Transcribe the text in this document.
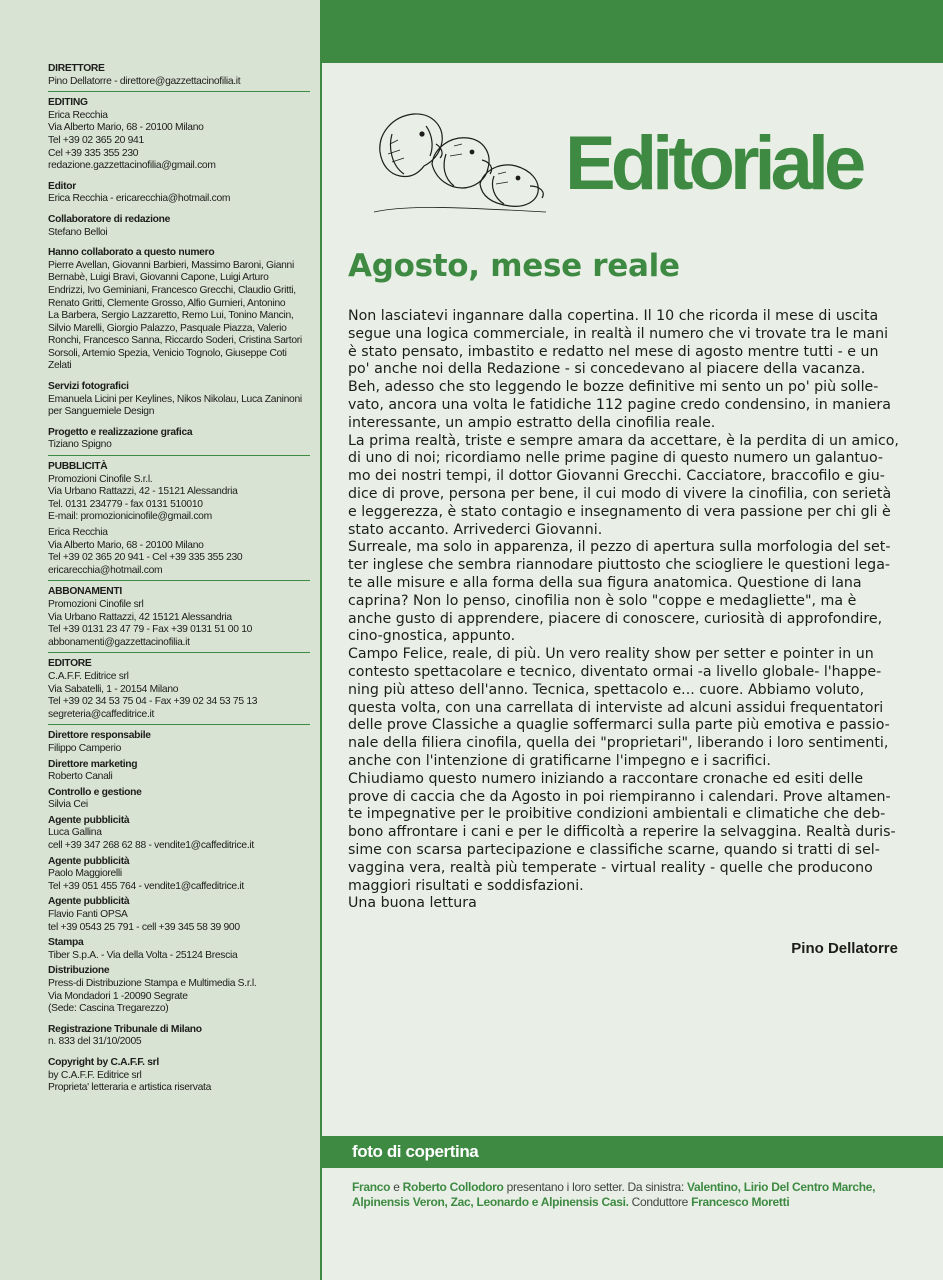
DIRETTORE
Pino Dellatorre - direttore@gazzettacinofilia.it
EDITING
Erica Recchia
Via Alberto Mario, 68 - 20100 Milano
Tel +39 02 365 20 941
Cel +39 335 355 230
redazione.gazzettacinofilia@gmail.com
Editor
Erica Recchia - ericarecchia@hotmail.com
Collaboratore di redazione
Stefano Belloi
Hanno collaborato a questo numero
Pierre Avellan, Giovanni Barbieri, Massimo Baroni, Gianni
Bernabè, Luigi Bravi, Giovanni Capone, Luigi Arturo
Endrizzi, Ivo Geminiani, Francesco Grecchi, Claudio Gritti,
Renato Gritti, Clemente Grosso, Alfio Gurnieri, Antonino
La Barbera, Sergio Lazzaretto, Remo Lui, Tonino Mancin,
Silvio Marelli, Giorgio Palazzo, Pasquale Piazza, Valerio
Ronchi, Francesco Sanna, Riccardo Soderi, Cristina Sartori
Sorsoli, Artemio Spezia, Venicio Tognolo, Giuseppe Coti
Zelati
Servizi fotografici
Emanuela Licini per Keylines, Nikos Nikolau, Luca Zaninoni
per Sanguemiele Design
Progetto e realizzazione grafica
Tiziano Spigno
PUBBLICITÀ
Promozioni Cinofile S.r.l.
Via Urbano Rattazzi, 42 - 15121 Alessandria
Tel. 0131 234779 - fax 0131 510010
E-mail: promozionicinofile@gmail.com
Erica Recchia
Via Alberto Mario, 68 - 20100 Milano
Tel +39 02 365 20 941 - Cel +39 335 355 230
ericarecchia@hotmail.com
ABBONAMENTI
Promozioni Cinofile srl
Via Urbano Rattazzi, 42 15121 Alessandria
Tel +39 0131 23 47 79 - Fax +39 0131 51 00 10
abbonamenti@gazzettacinofilia.it
EDITORE
C.A.F.F. Editrice srl
Via Sabatelli, 1 - 20154 Milano
Tel +39 02 34 53 75 04 - Fax +39 02 34 53 75 13
segreteria@caffeditrice.it
Direttore responsabile
Filippo Camperio
Direttore marketing
Roberto Canali
Controllo e gestione
Silvia Cei
Agente pubblicità
Luca Gallina
cell +39 347 268 62 88 - vendite1@caffeditrice.it
Agente pubblicità
Paolo Maggiorelli
Tel +39 051 455 764 - vendite1@caffeditrice.it
Agente pubblicità
Flavio Fanti OPSA
tel +39 0543 25 791 - cell +39 345 58 39 900
Stampa
Tiber S.p.A. - Via della Volta - 25124 Brescia
Distribuzione
Press-di Distribuzione Stampa e Multimedia S.r.l.
Via Mondadori 1 -20090 Segrate
(Sede: Cascina Tregarezzo)
Registrazione Tribunale di Milano
n. 833 del 31/10/2005
Copyright by C.A.F.F. srl
by C.A.F.F. Editrice srl
Proprieta' letteraria e artistica riservata
Editoriale
Agosto, mese reale
Non lasciatevi ingannare dalla copertina. Il 10 che ricorda il mese di uscita
segue una logica commerciale, in realtà il numero che vi trovate tra le mani
è stato pensato, imbastito e redatto nel mese di agosto mentre tutti - e un
po' anche noi della Redazione - si concedevano al piacere della vacanza.
Beh, adesso che sto leggendo le bozze definitive mi sento un po' più solle-
vato, ancora una volta le fatidiche 112 pagine credo condensino, in maniera
interessante, un ampio estratto della cinofilia reale.
La prima realtà, triste e sempre amara da accettare, è la perdita di un amico,
di uno di noi; ricordiamo nelle prime pagine di questo numero un galantuo-
mo dei nostri tempi, il dottor Giovanni Grecchi. Cacciatore, braccofilo e giu-
dice di prove, persona per bene, il cui modo di vivere la cinofilia, con serietà
e leggerezza, è stato contagio e insegnamento di vera passione per chi gli è
stato accanto. Arrivederci Giovanni.
Surreale, ma solo in apparenza, il pezzo di apertura sulla morfologia del set-
ter inglese che sembra riannodare piuttosto che sciogliere le questioni lega-
te alle misure e alla forma della sua figura anatomica. Questione di lana
caprina? Non lo penso, cinofilia non è solo "coppe e medagliette", ma è
anche gusto di apprendere, piacere di conoscere, curiosità di approfondire,
cino-gnostica, appunto.
Campo Felice, reale, di più. Un vero reality show per setter e pointer in un
contesto spettacolare e tecnico, diventato ormai -a livello globale- l'happe-
ning più atteso dell'anno. Tecnica, spettacolo e... cuore. Abbiamo voluto,
questa volta, con una carrellata di interviste ad alcuni assidui frequentatori
delle prove Classiche a quaglie soffermarci sulla parte più emotiva e passio-
nale della filiera cinofila, quella dei "proprietari", liberando i loro sentimenti,
anche con l'intenzione di gratificarne l'impegno e i sacrifici.
Chiudiamo questo numero iniziando a raccontare cronache ed esiti delle
prove di caccia che da Agosto in poi riempiranno i calendari. Prove altamen-
te impegnative per le proibitive condizioni ambientali e climatiche che deb-
bono affrontare i cani e per le difficoltà a reperire la selvaggina. Realtà duris-
sime con scarsa partecipazione e classifiche scarne, quando si tratti di sel-
vaggina vera, realtà più temperate - virtual reality - quelle che producono
maggiori risultati e soddisfazioni.
Una buona lettura
Pino Dellatorre
foto di copertina
Franco e Roberto Collodoro presentano i loro setter. Da sinistra: Valentino, Lirio Del Centro Marche, Alpinensis Veron, Zac, Leonardo e Alpinensis Casi. Conduttore Francesco Moretti
